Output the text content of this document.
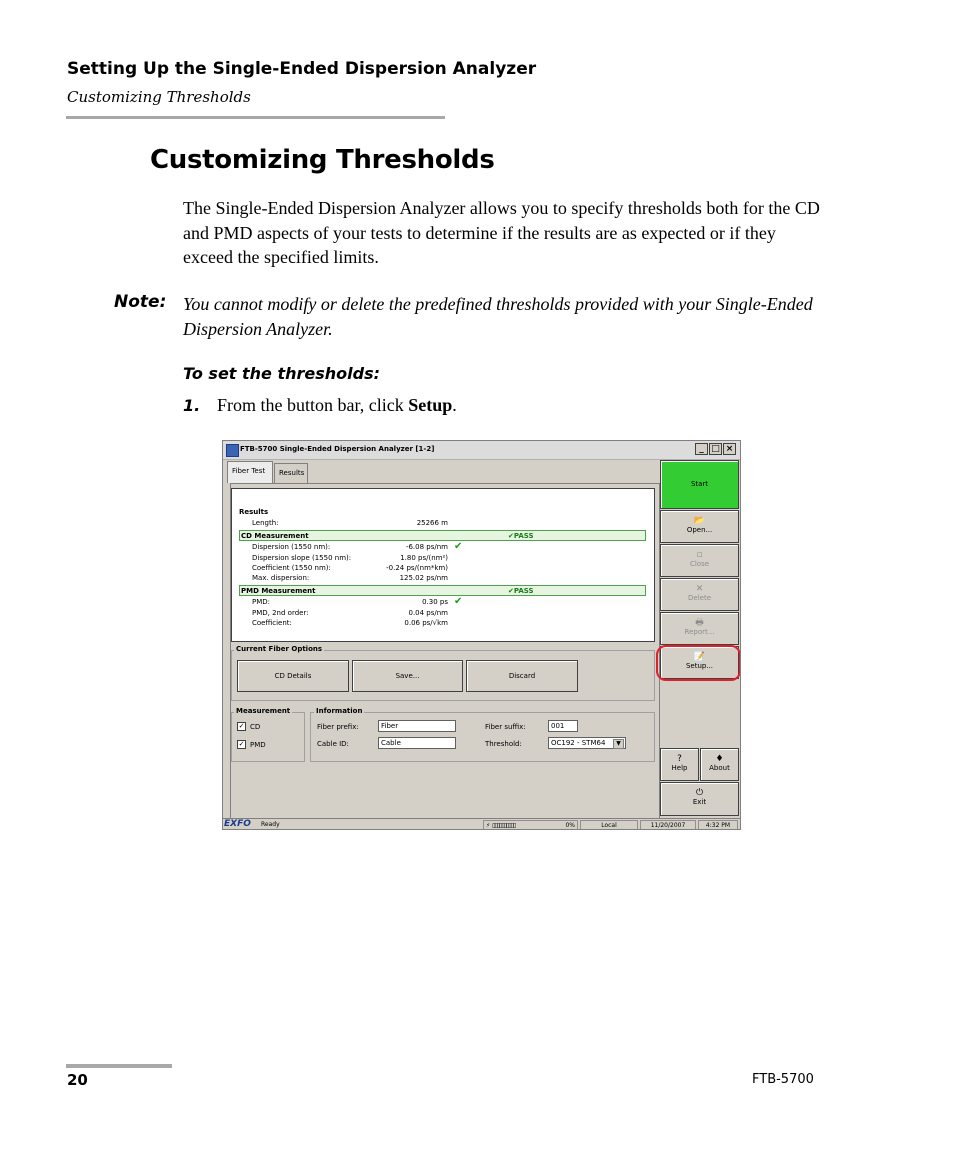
Setting Up the Single-Ended Dispersion Analyzer
Customizing Thresholds
Customizing Thresholds
The Single-Ended Dispersion Analyzer allows you to specify thresholds both for the CD and PMD aspects of your tests to determine if the results are as expected or if they exceed the specified limits.
Note: You cannot modify or delete the predefined thresholds provided with your Single-Ended Dispersion Analyzer.
To set the thresholds:
1. From the button bar, click Setup.
FTB-5700 Single-Ended Dispersion Analyzer [1-2]	_ □ ×
Fiber Test	Results
Results
Length:	25266 m
CD Measurement	✔PASS
Dispersion (1550 nm):	-6.08 ps/nm ✔
Dispersion slope (1550 nm):	1.80 ps/(nm²)
Coefficient (1550 nm):	-0.24 ps/(nm*km)
Max. dispersion:	125.02 ps/nm
PMD Measurement	✔PASS
PMD:	0.30 ps ✔
PMD, 2nd order:	0.04 ps/nm
Coefficient:	0.06 ps/√km
Current Fiber Options
CD Details	Save...	Discard
Measurement
✓ CD
✓ PMD
Information
Fiber prefix:	Fiber
Cable ID:	Cable
Fiber suffix:	001
Threshold:	OC192 - STM64	▼
Start
📂
Open...
▫
Close
✕
Delete
🖶
Report...
📝
Setup...
?
Help
♦
About
⏻
Exit
EXFO	Ready	⚡ ▯▯▯▯▯▯▯▯▯▯	0%	Local	11/20/2007	4:32 PM
20	FTB-5700
